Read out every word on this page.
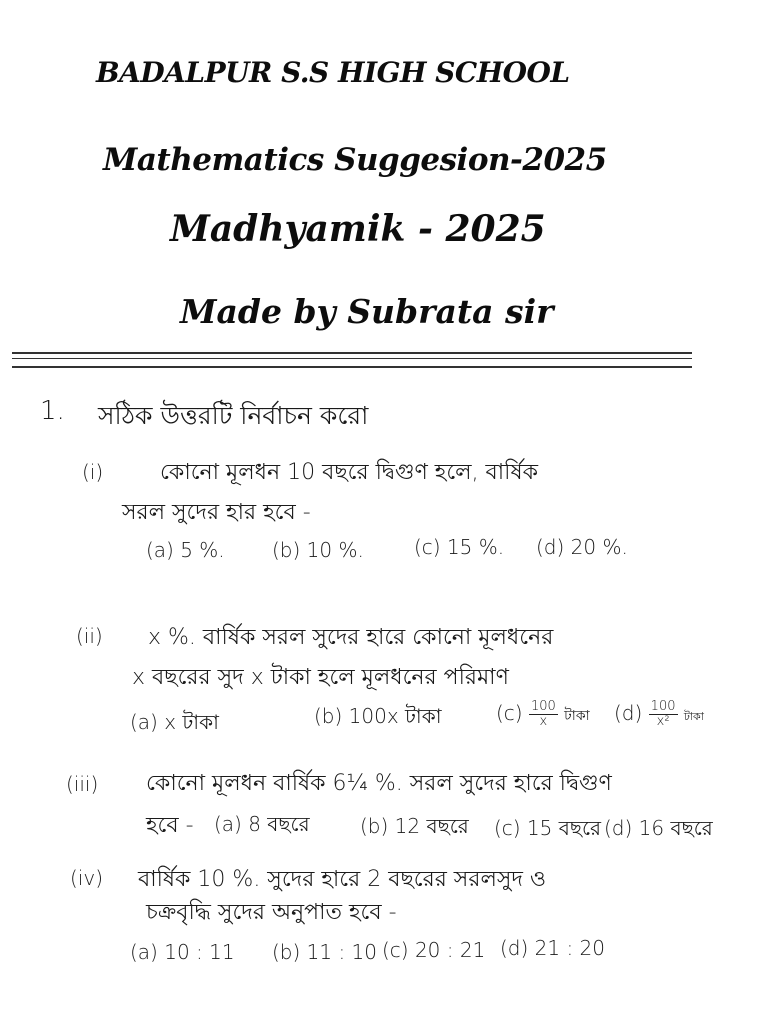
BADALPUR S.S HIGH SCHOOL
Mathematics Suggesion-2025
Madhyamik - 2025
Made by Subrata sir
1. সঠিক উত্তরটি নির্বাচন করো
(i)	কোনো মূলধন 10 বছরে দ্বিগুণ হলে, বার্ষিক
সরল সুদের হার হবে -
(a) 5 %. (b) 10 %.	(c) 15 %. (d) 20 %.
(ii) x %. বার্ষিক সরল সুদের হারে কোনো মূলধনের
x বছরের সুদ x টাকা হলে মূলধনের পরিমাণ
(a) x টাকা	(b) 100x টাকা	$(c) \frac{100}{x}$ টাকা $(d) \frac{100}{\text{x²}}$ টাকা
(iii) কোনো মূলধন বার্ষিক 6¼ %. সরল সুদের হারে দ্বিগুণ
হবে - (a) 8 বছরে	(b) 12 বছরে (c) 15 বছরে (d) 16 বছরে
(iv) বার্ষিক 10 %. সুদের হারে 2 বছরের সরলসুদ ও
চক্রবৃদ্ধি সুদের অনুপাত হবে -
(a) 10 : 11 (b) 11 : 10 (c) 20 : 21 (d) 21 : 20
